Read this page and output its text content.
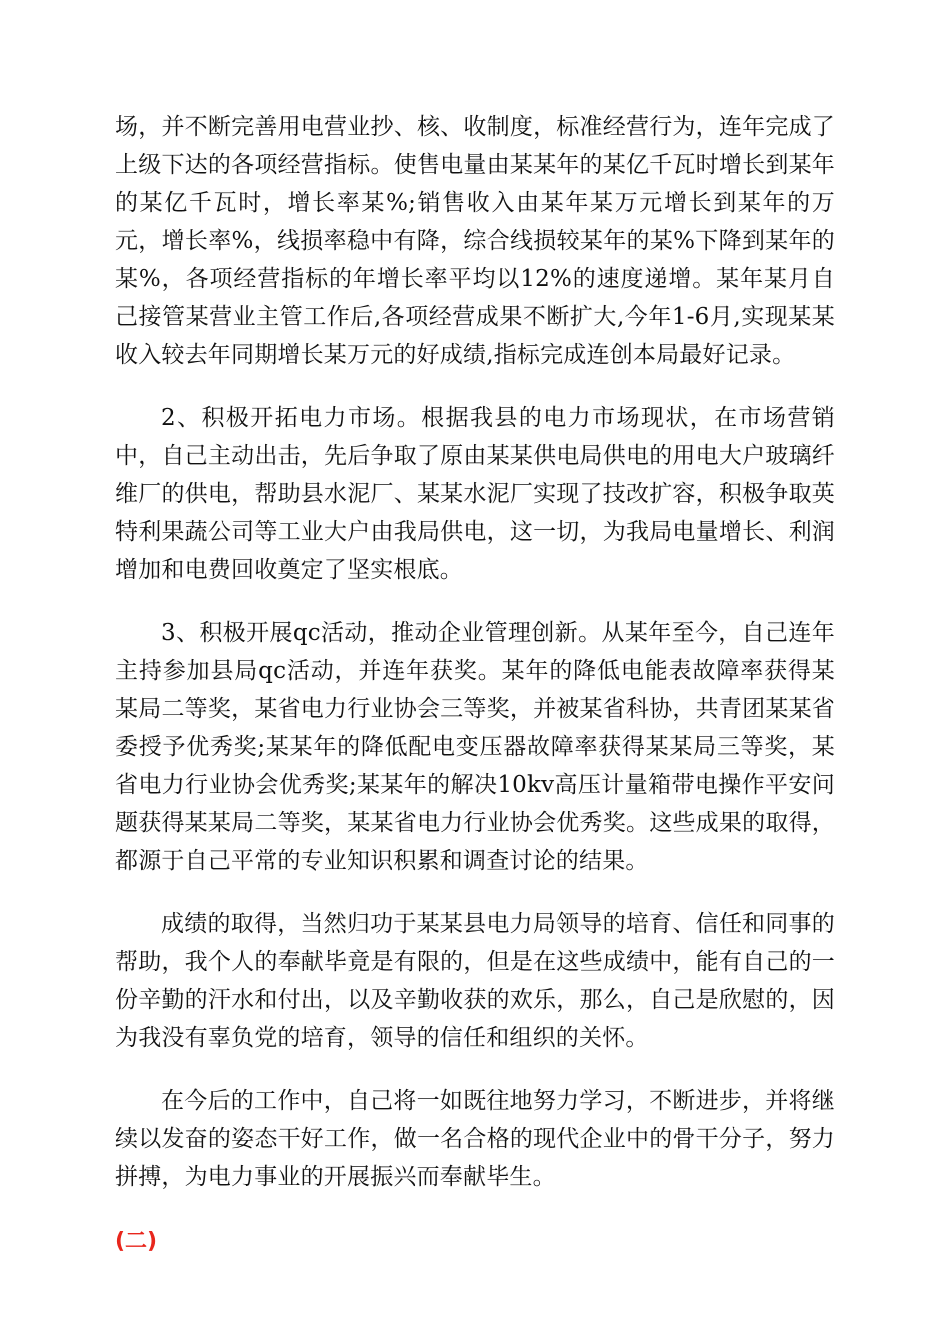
场，并不断完善用电营业抄、核、收制度，标准经营行为，连年完成了上级下达的各项经营指标。使售电量由某某年的某亿千瓦时增长到某年的某亿千瓦时，增长率某%;销售收入由某年某万元增长到某年的万元，增长率%，线损率稳中有降，综合线损较某年的某%下降到某年的某%，各项经营指标的年增长率平均以12%的速度递增。某年某月自己接管某营业主管工作后,各项经营成果不断扩大,今年1-6月,实现某某收入较去年同期增长某万元的好成绩,指标完成连创本局最好记录。

2、积极开拓电力市场。根据我县的电力市场现状，在市场营销中，自己主动出击，先后争取了原由某某供电局供电的用电大户玻璃纤维厂的供电，帮助县水泥厂、某某水泥厂实现了技改扩容，积极争取英特利果蔬公司等工业大户由我局供电，这一切，为我局电量增长、利润增加和电费回收奠定了坚实根底。

3、积极开展qc活动，推动企业管理创新。从某年至今，自己连年主持参加县局qc活动，并连年获奖。某年的降低电能表故障率获得某某局二等奖，某省电力行业协会三等奖，并被某省科协，共青团某某省委授予优秀奖;某某年的降低配电变压器故障率获得某某局三等奖，某省电力行业协会优秀奖;某某年的解决10kv高压计量箱带电操作平安问题获得某某局二等奖，某某省电力行业协会优秀奖。这些成果的取得，都源于自己平常的专业知识积累和调查讨论的结果。

成绩的取得，当然归功于某某县电力局领导的培育、信任和同事的帮助，我个人的奉献毕竟是有限的，但是在这些成绩中，能有自己的一份辛勤的汗水和付出，以及辛勤收获的欢乐，那么，自己是欣慰的，因为我没有辜负党的培育，领导的信任和组织的关怀。

在今后的工作中，自己将一如既往地努力学习，不断进步，并将继续以发奋的姿态干好工作，做一名合格的现代企业中的骨干分子，努力拼搏，为电力事业的开展振兴而奉献毕生。

(二)
